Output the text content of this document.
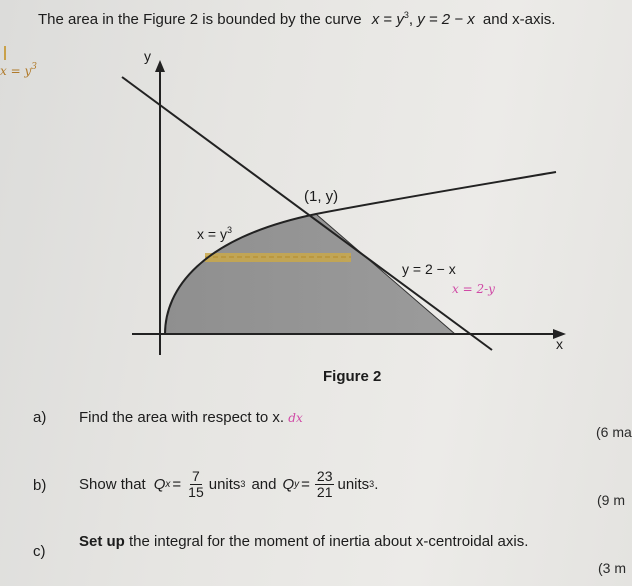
The area in the Figure 2 is bounded by the curve $x = y^3$, y = 2 − x and x-axis.
$x = y^3$
y
x
(1, y)
$x = y^3$
y = 2 − x
x = 2-y
Figure 2
a) Find the area with respect to x. dx
(6 ma
b) Show that Q $x = \frac{7}{15}$ units 3 and Q $y = \frac{23}{21}$ units 3 .
(9 m
c)
Set up the integral for the moment of inertia about x-centroidal axis.
(3 m
